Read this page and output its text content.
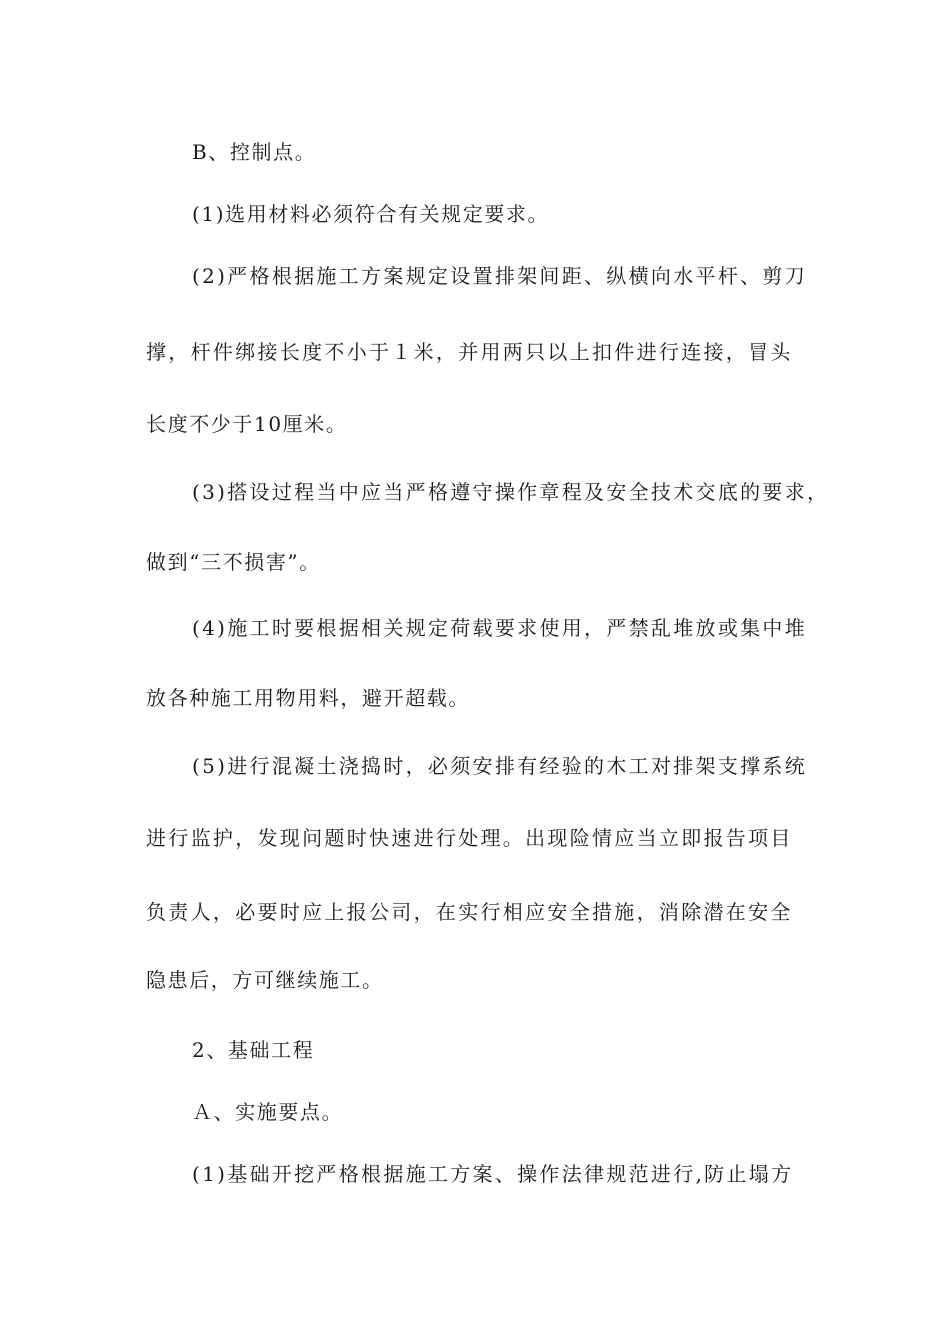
B、控制点。
(1)选用材料必须符合有关规定要求。
(2)严格根据施工方案规定设置排架间距、纵横向水平杆、剪刀
撑，杆件绑接长度不小于１米，并用两只以上扣件进行连接，冒头
长度不少于10厘米。
(3)搭设过程当中应当严格遵守操作章程及安全技术交底的要求，
做到“三不损害”。
(4)施工时要根据相关规定荷载要求使用，严禁乱堆放或集中堆
放各种施工用物用料，避开超载。
(5)进行混凝土浇捣时，必须安排有经验的木工对排架支撑系统
进行监护，发现问题时快速进行处理。出现险情应当立即报告项目
负责人，必要时应上报公司，在实行相应安全措施，消除潜在安全
隐患后，方可继续施工。
2、基础工程
Ａ、实施要点。
(1)基础开挖严格根据施工方案、操作法律规范进行,防止塌方
